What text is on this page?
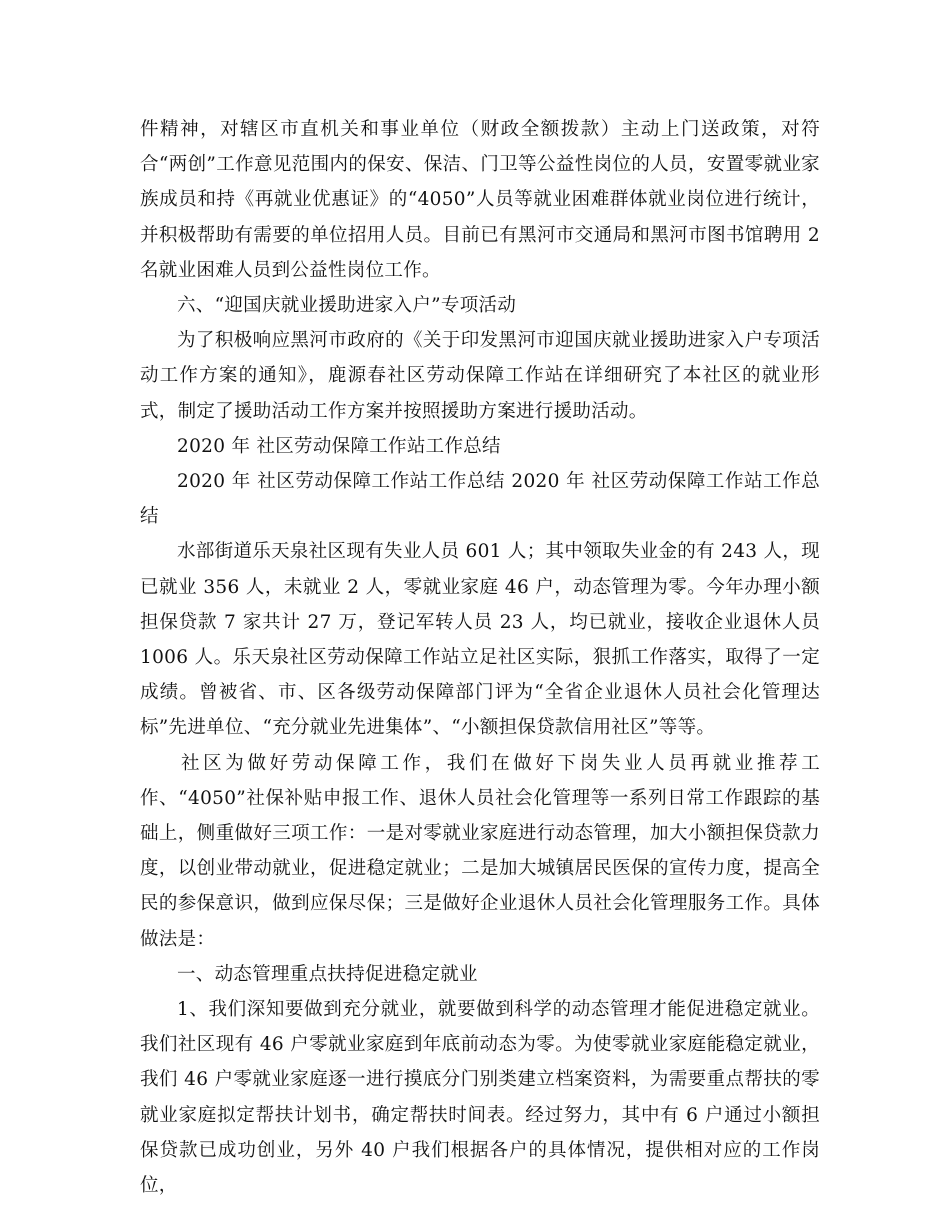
件精神，对辖区市直机关和事业单位（财政全额拨款）主动上门送政策，对符合“两创”工作意见范围内的保安、保洁、门卫等公益性岗位的人员，安置零就业家族成员和持《再就业优惠证》的“4050”人员等就业困难群体就业岗位进行统计，并积极帮助有需要的单位招用人员。目前已有黑河市交通局和黑河市图书馆聘用 2 名就业困难人员到公益性岗位工作。

六、“迎国庆就业援助进家入户”专项活动

为了积极响应黑河市政府的《关于印发黑河市迎国庆就业援助进家入户专项活动工作方案的通知》，鹿源春社区劳动保障工作站在详细研究了本社区的就业形式，制定了援助活动工作方案并按照援助方案进行援助活动。

2020 年 社区劳动保障工作站工作总结

2020 年 社区劳动保障工作站工作总结 2020 年 社区劳动保障工作站工作总结

水部街道乐天泉社区现有失业人员 601 人；其中领取失业金的有 243 人，现已就业 356 人，未就业 2 人，零就业家庭 46 户，动态管理为零。今年办理小额担保贷款 7 家共计 27 万，登记军转人员 23 人，均已就业，接收企业退休人员 1006 人。乐天泉社区劳动保障工作站立足社区实际，狠抓工作落实，取得了一定成绩。曾被省、市、区各级劳动保障部门评为“全省企业退休人员社会化管理达标”先进单位、“充分就业先进集体”、“小额担保贷款信用社区”等等。

社区为做好劳动保障工作，我们在做好下岗失业人员再就业推荐工作、“4050”社保补贴申报工作、退休人员社会化管理等一系列日常工作跟踪的基础上，侧重做好三项工作：一是对零就业家庭进行动态管理，加大小额担保贷款力度，以创业带动就业，促进稳定就业；二是加大城镇居民医保的宣传力度，提高全民的参保意识，做到应保尽保；三是做好企业退休人员社会化管理服务工作。具体做法是：

一、动态管理重点扶持促进稳定就业

1、我们深知要做到充分就业，就要做到科学的动态管理才能促进稳定就业。我们社区现有 46 户零就业家庭到年底前动态为零。为使零就业家庭能稳定就业，我们 46 户零就业家庭逐一进行摸底分门别类建立档案资料，为需要重点帮扶的零就业家庭拟定帮扶计划书，确定帮扶时间表。经过努力，其中有 6 户通过小额担保贷款已成功创业，另外 40 户我们根据各户的具体情况，提供相对应的工作岗位，
